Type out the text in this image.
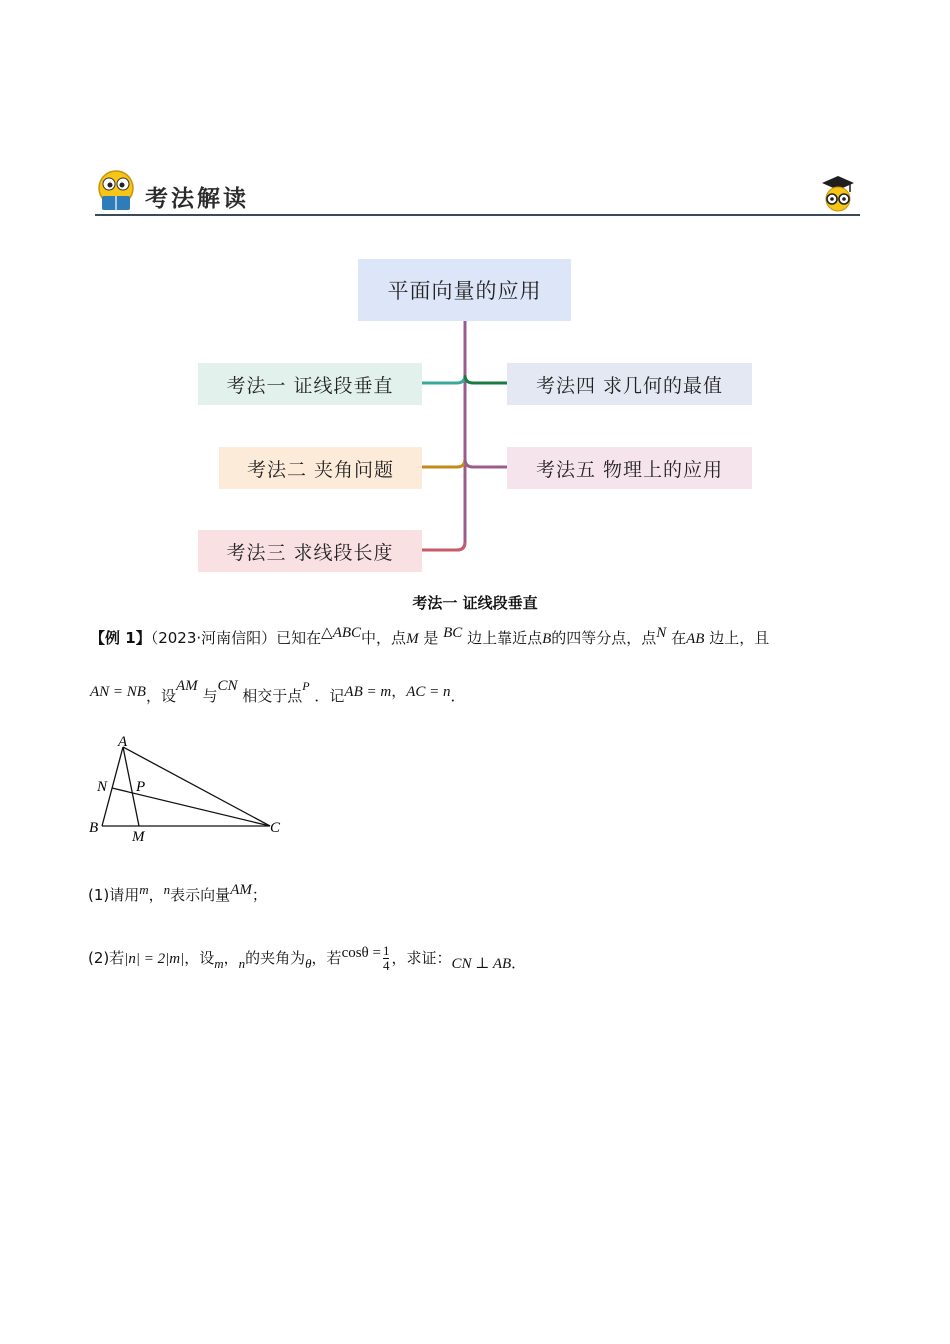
考法解读
平面向量的应用
考法一 证线段垂直
考法二 夹角问题
考法三 求线段长度
考法四 求几何的最值
考法五 物理上的应用
考法一 证线段垂直
【例 1】（2023·河南信阳）已知在△ABC中，点M 是 BC 边上靠近点B的四等分点，点N 在AB 边上，且
AN = NB，设AM 与CN 相交于点$^P$ ．记AB = m，AC = n．
A
N P
B
M
C
(1)请用m，n表示向量AM；
(2)若|n| = 2|m|，设m，n的夹角为θ，若$\cos\theta = \frac{1}{4}$ ，求证：CN ⊥ AB．
